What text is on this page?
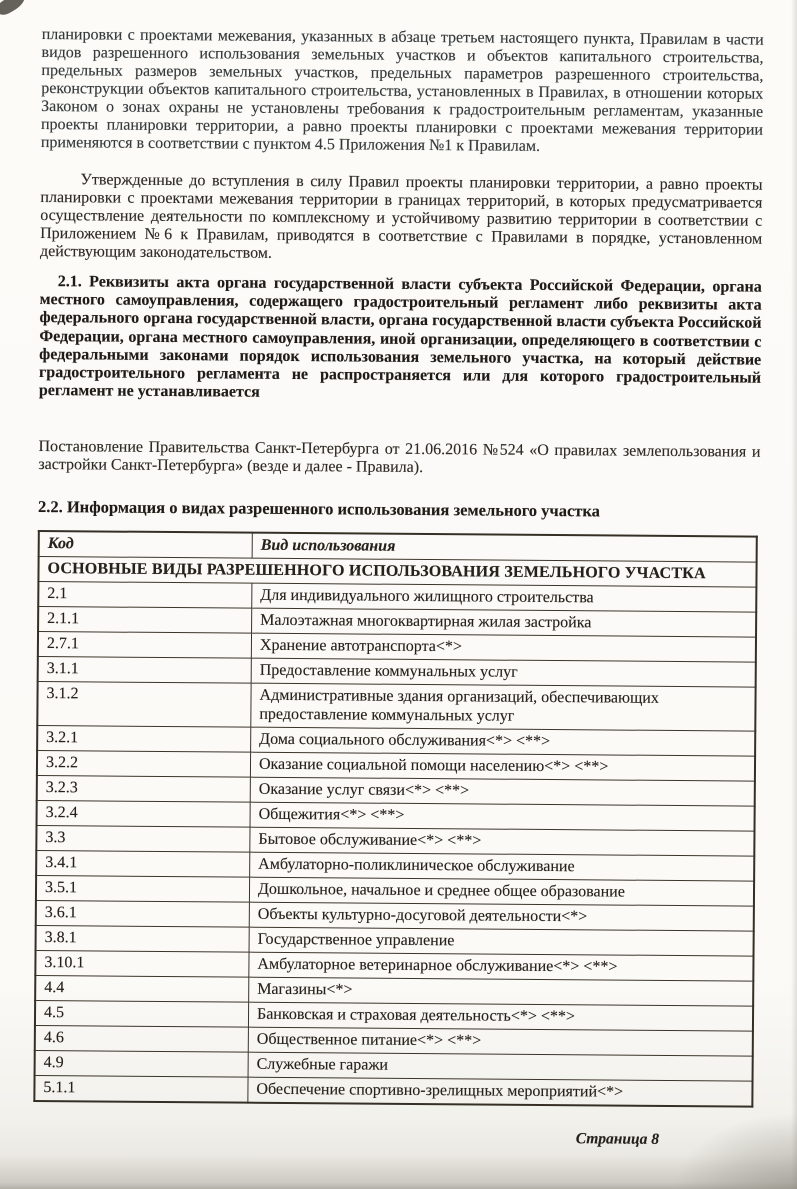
планировки с проектами межевания, указанных в абзаце третьем настоящего пункта, Правилам в части видов разрешенного использования земельных участков и объектов капитального строительства, предельных размеров земельных участков, предельных параметров разрешенного строительства, реконструкции объектов капитального строительства, установленных в Правилах, в отношении которых Законом о зонах охраны не установлены требования к градостроительным регламентам, указанные проекты планировки территории, а равно проекты планировки с проектами межевания территории применяются в соответствии с пунктом 4.5 Приложения №1 к Правилам.

Утвержденные до вступления в силу Правил проекты планировки территории, а равно проекты планировки с проектами межевания территории в границах территорий, в которых предусматривается осуществление деятельности по комплексному и устойчивому развитию территории в соответствии с Приложением №6 к Правилам, приводятся в соответствие с Правилами в порядке, установленном действующим законодательством.

2.1. Реквизиты акта органа государственной власти субъекта Российской Федерации, органа местного самоуправления, содержащего градостроительный регламент либо реквизиты акта федерального органа государственной власти, органа государственной власти субъекта Российской Федерации, органа местного самоуправления, иной организации, определяющего в соответствии с федеральными законами порядок использования земельного участка, на который действие градостроительного регламента не распространяется или для которого градостроительный регламент не устанавливается

Постановление Правительства Санкт-Петербурга от 21.06.2016 №524 «О правилах землепользования и застройки Санкт-Петербурга» (везде и далее - Правила).

2.2. Информация о видах разрешенного использования земельного участка

Код	Вид использования
ОСНОВНЫЕ ВИДЫ РАЗРЕШЕННОГО ИСПОЛЬЗОВАНИЯ ЗЕМЕЛЬНОГО УЧАСТКА	
2.1	Для индивидуального жилищного строительства
2.1.1	Малоэтажная многоквартирная жилая застройка
2.7.1	Хранение автотранспорта<*>
3.1.1	Предоставление коммунальных услуг
3.1.2	Административные здания организаций, обеспечивающих предоставление коммунальных услуг
3.2.1	Дома социального обслуживания<*> <**>
3.2.2	Оказание социальной помощи населению<*> <**>
3.2.3	Оказание услуг связи<*> <**>
3.2.4	Общежития<*> <**>
3.3	Бытовое обслуживание<*> <**>
3.4.1	Амбулаторно-поликлиническое обслуживание
3.5.1	Дошкольное, начальное и среднее общее образование
3.6.1	Объекты культурно-досуговой деятельности<*>
3.8.1	Государственное управление
3.10.1	Амбулаторное ветеринарное обслуживание<*> <**>
4.4	Магазины<*>
4.5	Банковская и страховая деятельность<*> <**>
4.6	Общественное питание<*> <**>
4.9	Служебные гаражи
5.1.1	Обеспечение спортивно-зрелищных мероприятий<*>
Страница 8
